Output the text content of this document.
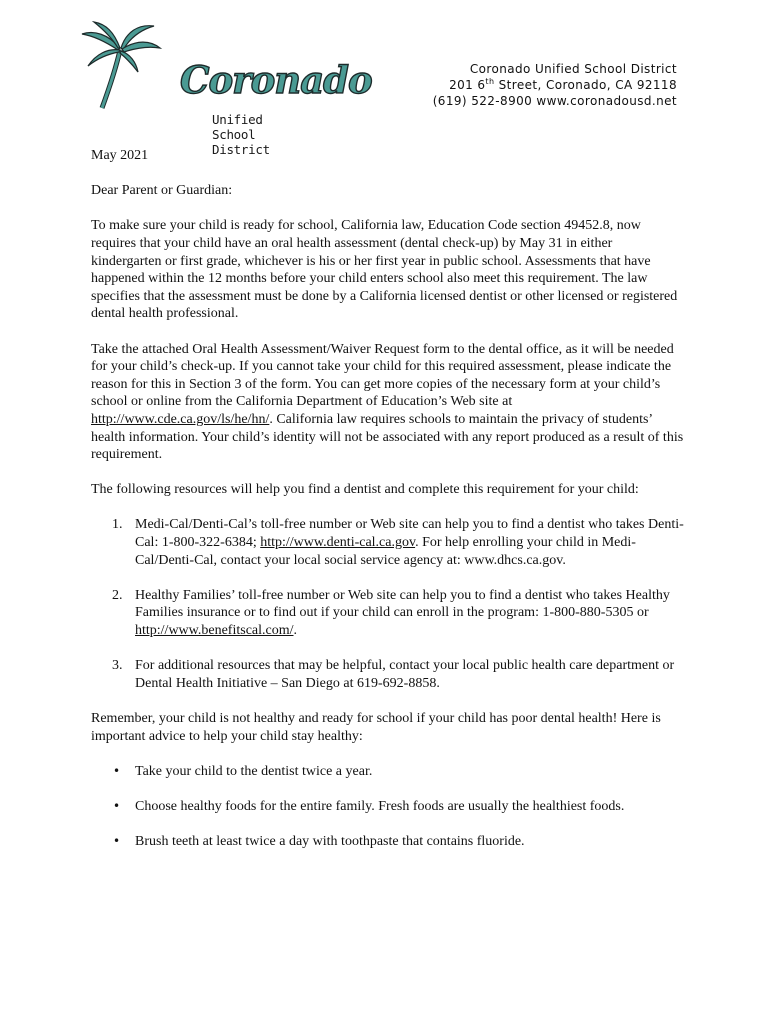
Coronado
Unified School District
Coronado Unified School District
201 6th Street, Coronado, CA 92118
(619) 522-8900 www.coronadousd.net

May 2021

Dear Parent or Guardian:

To make sure your child is ready for school, California law, Education Code section 49452.8, now requires that your child have an oral health assessment (dental check-up) by May 31 in either kindergarten or first grade, whichever is his or her first year in public school. Assessments that have happened within the 12 months before your child enters school also meet this requirement. The law specifies that the assessment must be done by a California licensed dentist or other licensed or registered dental health professional.

Take the attached Oral Health Assessment/Waiver Request form to the dental office, as it will be needed for your child’s check-up. If you cannot take your child for this required assessment, please indicate the reason for this in Section 3 of the form. You can get more copies of the necessary form at your child’s school or online from the California Department of Education’s Web site at http://www.cde.ca.gov/ls/he/hn/. California law requires schools to maintain the privacy of students’ health information. Your child’s identity will not be associated with any report produced as a result of this requirement.

The following resources will help you find a dentist and complete this requirement for your child:

1. Medi-Cal/Denti-Cal’s toll-free number or Web site can help you to find a dentist who takes Denti-Cal: 1-800-322-6384; http://www.denti-cal.ca.gov. For help enrolling your child in Medi-Cal/Denti-Cal, contact your local social service agency at: www.dhcs.ca.gov.
2. Healthy Families’ toll-free number or Web site can help you to find a dentist who takes Healthy Families insurance or to find out if your child can enroll in the program: 1-800-880-5305 or http://www.benefitscal.com/.
3. For additional resources that may be helpful, contact your local public health care department or Dental Health Initiative – San Diego at 619-692-8858.

Remember, your child is not healthy and ready for school if your child has poor dental health! Here is important advice to help your child stay healthy:

• Take your child to the dentist twice a year.
• Choose healthy foods for the entire family. Fresh foods are usually the healthiest foods.
• Brush teeth at least twice a day with toothpaste that contains fluoride.
